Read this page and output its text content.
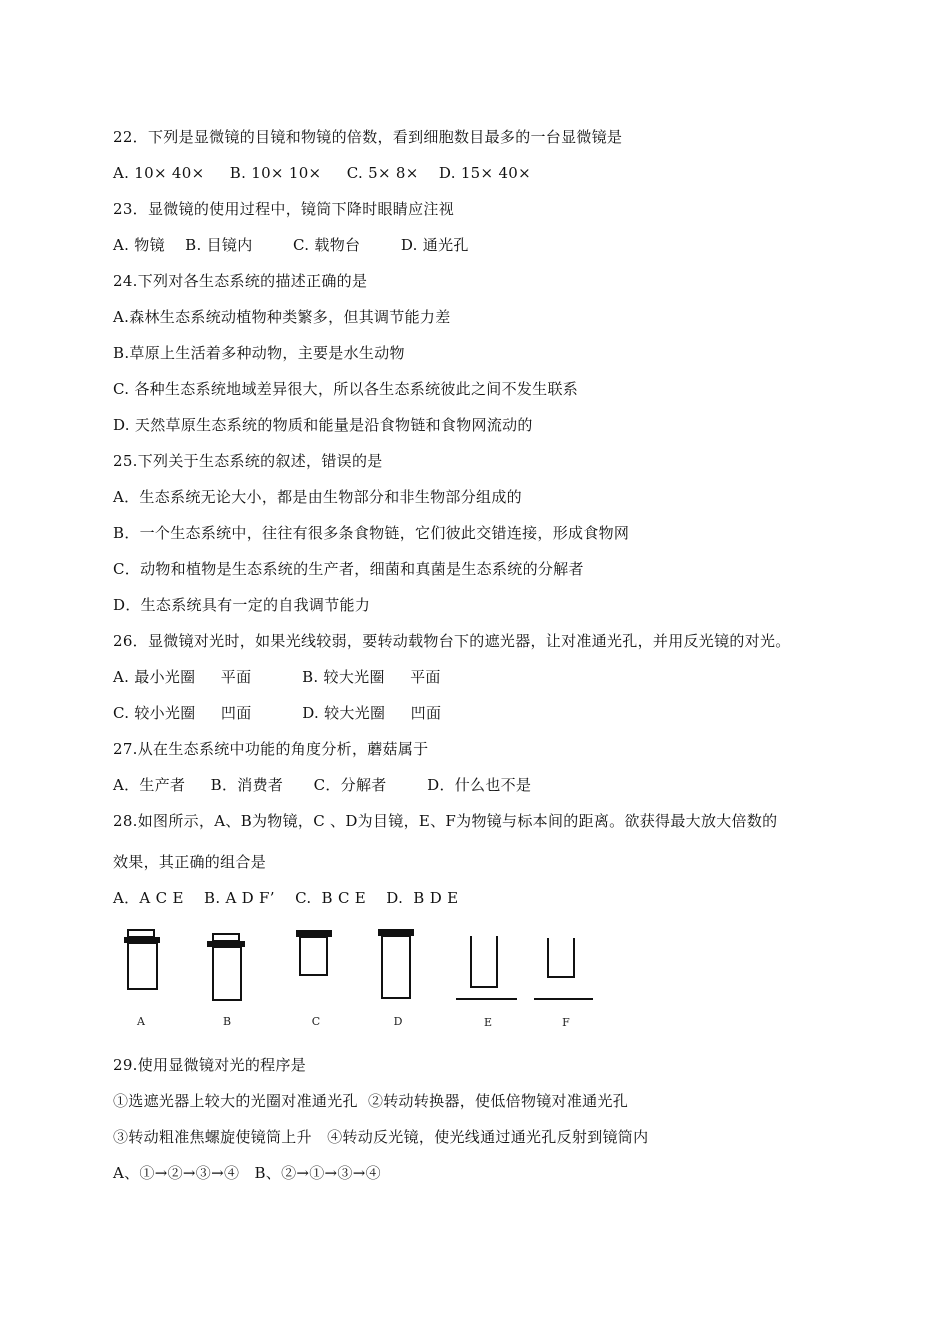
22．下列是显微镜的目镜和物镜的倍数，看到细胞数目最多的一台显微镜是
A. 10× 40×     B. 10× 10×     C. 5× 8×    D. 15× 40×
23．显微镜的使用过程中，镜筒下降时眼睛应注视
A. 物镜    B. 目镜内        C. 载物台        D. 通光孔
24.下列对各生态系统的描述正确的是
A.森林生态系统动植物种类繁多，但其调节能力差
B.草原上生活着多种动物，主要是水生动物
C. 各种生态系统地域差异很大，所以各生态系统彼此之间不发生联系
D. 天然草原生态系统的物质和能量是沿食物链和食物网流动的
25.下列关于生态系统的叙述，错误的是
A．生态系统无论大小，都是由生物部分和非生物部分组成的
B．一个生态系统中，往往有很多条食物链，它们彼此交错连接，形成食物网
C．动物和植物是生态系统的生产者，细菌和真菌是生态系统的分解者
D．生态系统具有一定的自我调节能力
26．显微镜对光时，如果光线较弱，要转动载物台下的遮光器，让对准通光孔，并用反光镜的对光。
A. 最小光圈     平面          B. 较大光圈     平面
C. 较小光圈     凹面          D. 较大光圈     凹面
27.从在生态系统中功能的角度分析，蘑菇属于
A．生产者     B．消费者      C．分解者        D．什么也不是
28.如图所示，A、B为物镜，C 、D为目镜，E、F为物镜与标本间的距离。欲获得最大放大倍数的
效果，其正确的组合是
A．A C E    B. A D F’    C.  B C E    D.  B D E
A	B	C	D	E	F
29.使用显微镜对光的程序是
①选遮光器上较大的光圈对准通光孔  ②转动转换器，使低倍物镜对准通光孔
③转动粗准焦螺旋使镜筒上升   ④转动反光镜，使光线通过通光孔反射到镜筒内
A、①→②→③→④   B、②→①→③→④
